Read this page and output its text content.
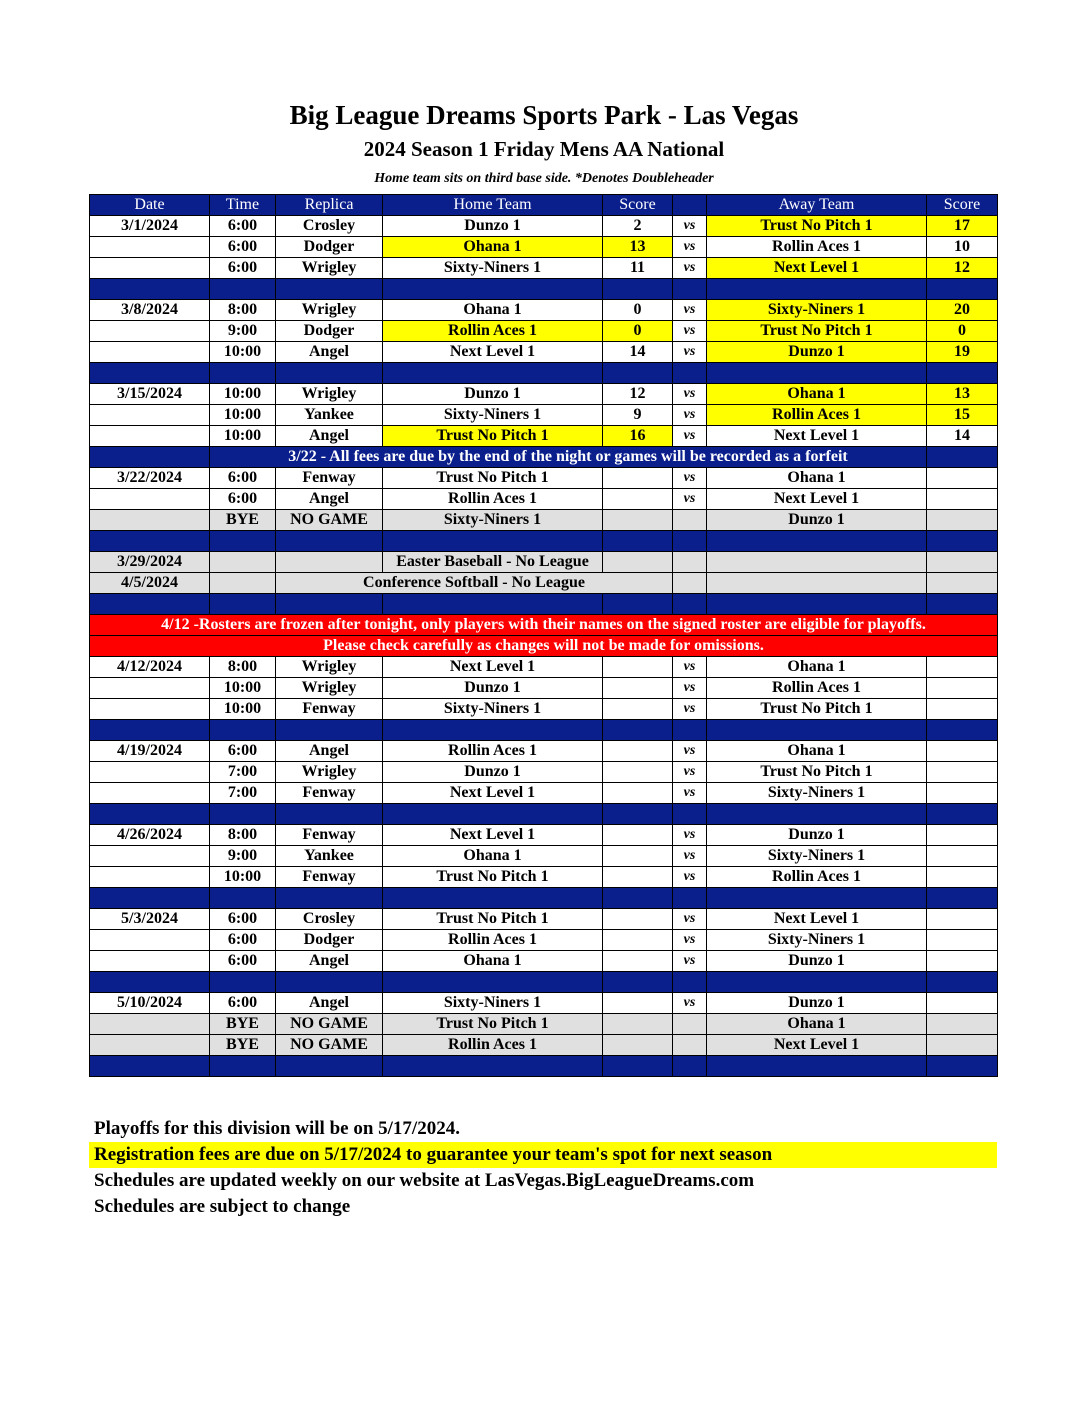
Big League Dreams Sports Park - Las Vegas
2024 Season 1 Friday Mens AA National
Home team sits on third base side. *Denotes Doubleheader
Date	Time	Replica	Home Team	Score		Away Team	Score
3/1/2024	6:00	Crosley	Dunzo 1	2	vs	Trust No Pitch 1	17
	6:00	Dodger	Ohana 1	13	vs	Rollin Aces 1	10
	6:00	Wrigley	Sixty-Niners 1	11	vs	Next Level 1	12

3/8/2024	8:00	Wrigley	Ohana 1	0	vs	Sixty-Niners 1	20
	9:00	Dodger	Rollin Aces 1	0	vs	Trust No Pitch 1	0
	10:00	Angel	Next Level 1	14	vs	Dunzo 1	19

3/15/2024	10:00	Wrigley	Dunzo 1	12	vs	Ohana 1	13
	10:00	Yankee	Sixty-Niners 1	9	vs	Rollin Aces 1	15
	10:00	Angel	Trust No Pitch 1	16	vs	Next Level 1	14
	3/22 - All fees are due by the end of the night or games will be recorded as a forfeit						
3/22/2024	6:00	Fenway	Trust No Pitch 1		vs	Ohana 1	
	6:00	Angel	Rollin Aces 1		vs	Next Level 1	
	BYE	NO GAME	Sixty-Niners 1			Dunzo 1	

3/29/2024			Easter Baseball - No League				
4/5/2024		Conference Softball - No League					

4/12 -Rosters are frozen after tonight, only players with their names on the signed roster are eligible for playoffs.							
Please check carefully as changes will not be made for omissions.							
4/12/2024	8:00	Wrigley	Next Level 1		vs	Ohana 1	
	10:00	Wrigley	Dunzo 1		vs	Rollin Aces 1	
	10:00	Fenway	Sixty-Niners 1		vs	Trust No Pitch 1	

4/19/2024	6:00	Angel	Rollin Aces 1		vs	Ohana 1	
	7:00	Wrigley	Dunzo 1		vs	Trust No Pitch 1	
	7:00	Fenway	Next Level 1		vs	Sixty-Niners 1	

4/26/2024	8:00	Fenway	Next Level 1		vs	Dunzo 1	
	9:00	Yankee	Ohana 1		vs	Sixty-Niners 1	
	10:00	Fenway	Trust No Pitch 1		vs	Rollin Aces 1	

5/3/2024	6:00	Crosley	Trust No Pitch 1		vs	Next Level 1	
	6:00	Dodger	Rollin Aces 1		vs	Sixty-Niners 1	
	6:00	Angel	Ohana 1		vs	Dunzo 1	

5/10/2024	6:00	Angel	Sixty-Niners 1		vs	Dunzo 1	
	BYE	NO GAME	Trust No Pitch 1			Ohana 1	
	BYE	NO GAME	Rollin Aces 1			Next Level 1	

Playoffs for this division will be on 5/17/2024.
Registration fees are due on 5/17/2024 to guarantee your team's spot for next season
Schedules are updated weekly on our website at LasVegas.BigLeagueDreams.com
Schedules are subject to change
